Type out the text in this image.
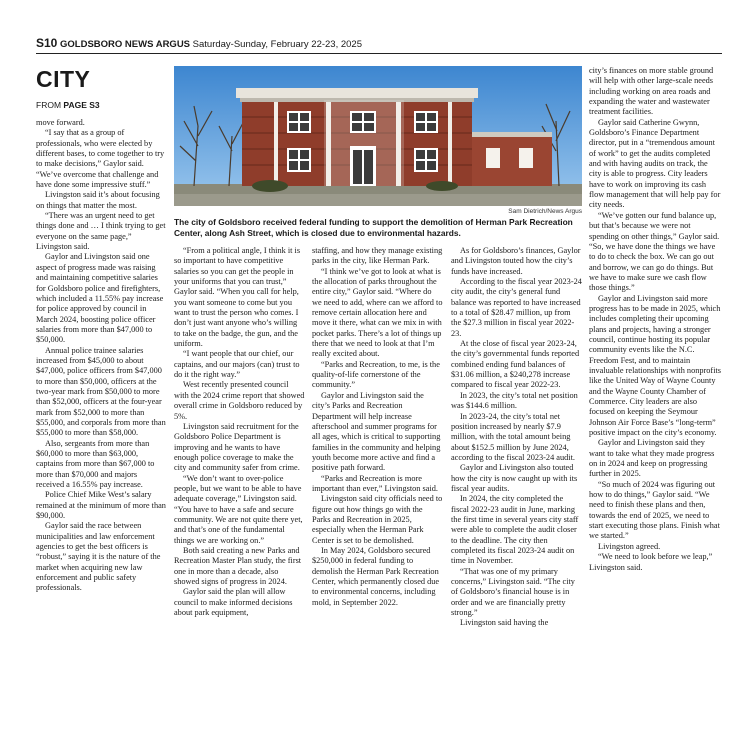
S10 GOLDSBORO NEWS ARGUS Saturday-Sunday, February 22-23, 2025
CITY
FROM PAGE S3

move forward.

“I say that as a group of professionals, who were elected by different bases, to come together to try to make decisions,” Gaylor said. “We’ve overcome that challenge and have done some impressive stuff.”

Livingston said it’s about focusing on things that matter the most.

“There was an urgent need to get things done and … I think trying to get everyone on the same page,” Livingston said.

Gaylor and Livingston said one aspect of progress made was raising and maintaining competitive salaries for Goldsboro police and firefighters, which included a 11.55% pay increase for police approved by council in March 2024, boosting police officer salaries from more than $47,000 to $50,000.

Annual police trainee salaries increased from $45,000 to about $47,000, police officers from $47,000 to more than $50,000, officers at the two-year mark from $50,000 to more than $52,000, officers at the four-year mark from $52,000 to more than $55,000, and corporals from more than $55,000 to more than $58,000.

Also, sergeants from more than $60,000 to more than $63,000, captains from more than $67,000 to more than $70,000 and majors received a 16.55% pay increase.

Police Chief Mike West’s salary remained at the minimum of more than $90,000.

Gaylor said the race between municipalities and law enforcement agencies to get the best officers is “robust,” saying it is the nature of the market when acquiring new law enforcement and public safety professionals.

Sam Dietrich/News Argus
The city of Goldsboro received federal funding to support the demolition of Herman Park Recreation Center, along Ash Street, which is closed due to environmental hazards.

“From a political angle, I think it is so important to have competitive salaries so you can get the people in your uniforms that you can trust,” Gaylor said. “When you call for help, you want someone to come but you want to trust the person who comes. I don’t just want anyone who’s willing to take on the badge, the gun, and the uniform.

“I want people that our chief, our captains, and our majors (can) trust to do it the right way.”

West recently presented council with the 2024 crime report that showed overall crime in Goldsboro reduced by 5%.

Livingston said recruitment for the Goldsboro Police Department is improving and he wants to have enough police coverage to make the city and community safer from crime.

“We don’t want to over-police people, but we want to be able to have adequate coverage,” Livingston said. “You have to have a safe and secure community. We are not quite there yet, and that’s one of the fundamental things we are working on.”

Both said creating a new Parks and Recreation Master Plan study, the first one in more than a decade, also showed signs of progress in 2024.

Gaylor said the plan will allow council to make informed decisions about park equipment,

staffing, and how they manage existing parks in the city, like Herman Park.

“I think we’ve got to look at what is the allocation of parks throughout the entire city,” Gaylor said. “Where do we need to add, where can we afford to remove certain allocation here and move it there, what can we mix in with pocket parks. There’s a lot of things up there that we need to look at that I’m really excited about.

“Parks and Recreation, to me, is the quality-of-life cornerstone of the community.”

Gaylor and Livingston said the city’s Parks and Recreation Department will help increase afterschool and summer programs for all ages, which is critical to supporting families in the community and helping youth become more active and find a positive path forward.

“Parks and Recreation is more important than ever,” Livingston said.

Livingston said city officials need to figure out how things go with the Parks and Recreation in 2025, especially when the Herman Park Center is set to be demolished.

In May 2024, Goldsboro secured $250,000 in federal funding to demolish the Herman Park Recreation Center, which permanently closed due to environmental concerns, including mold, in September 2022.

As for Goldsboro’s finances, Gaylor and Livingston touted how the city’s funds have increased.

According to the fiscal year 2023-24 city audit, the city’s general fund balance was reported to have increased to a total of $28.47 million, up from the $27.3 million in fiscal year 2022-23.

At the close of fiscal year 2023-24, the city’s governmental funds reported combined ending fund balances of $31.06 million, a $240,278 increase compared to fiscal year 2022-23.

In 2023, the city’s total net position was $144.6 million.

In 2023-24, the city’s total net position increased by nearly $7.9 million, with the total amount being about $152.5 million by June 2024, according to the fiscal 2023-24 audit.

Gaylor and Livingston also touted how the city is now caught up with its fiscal year audits.

In 2024, the city completed the fiscal 2022-23 audit in June, marking the first time in several years city staff were able to complete the audit closer to the deadline. The city then completed its fiscal 2023-24 audit on time in November.

“That was one of my primary concerns,” Livingston said. “The city of Goldsboro’s financial house is in order and we are financially pretty strong.”

Livingston said having the

city’s finances on more stable ground will help with other large-scale needs including working on area roads and expanding the water and wastewater treatment facilities.

Gaylor said Catherine Gwynn, Goldsboro’s Finance Department director, put in a “tremendous amount of work” to get the audits completed and with having audits on track, the city is able to progress. City leaders have to work on improving its cash flow management that will help pay for city needs.

“We’ve gotten our fund balance up, but that’s because we were not spending on other things,” Gaylor said. “So, we have done the things we have to do to check the box. We can go out and borrow, we can go do things. But we have to make sure we cash flow those things.”

Gaylor and Livingston said more progress has to be made in 2025, which includes completing their upcoming plans and projects, having a stronger council, continue hosting its popular community events like the N.C. Freedom Fest, and to maintain invaluable relationships with nonprofits like the United Way of Wayne County and the Wayne County Chamber of Commerce. City leaders are also focused on keeping the Seymour Johnson Air Force Base’s “long-term” positive impact on the city’s economy.

Gaylor and Livingston said they want to take what they made progress on in 2024 and keep on progressing further in 2025.

“So much of 2024 was figuring out how to do things,” Gaylor said. “We need to finish these plans and then, towards the end of 2025, we need to start executing those plans. Finish what we started.”

Livingston agreed.

“We need to look before we leap,” Livingston said.
